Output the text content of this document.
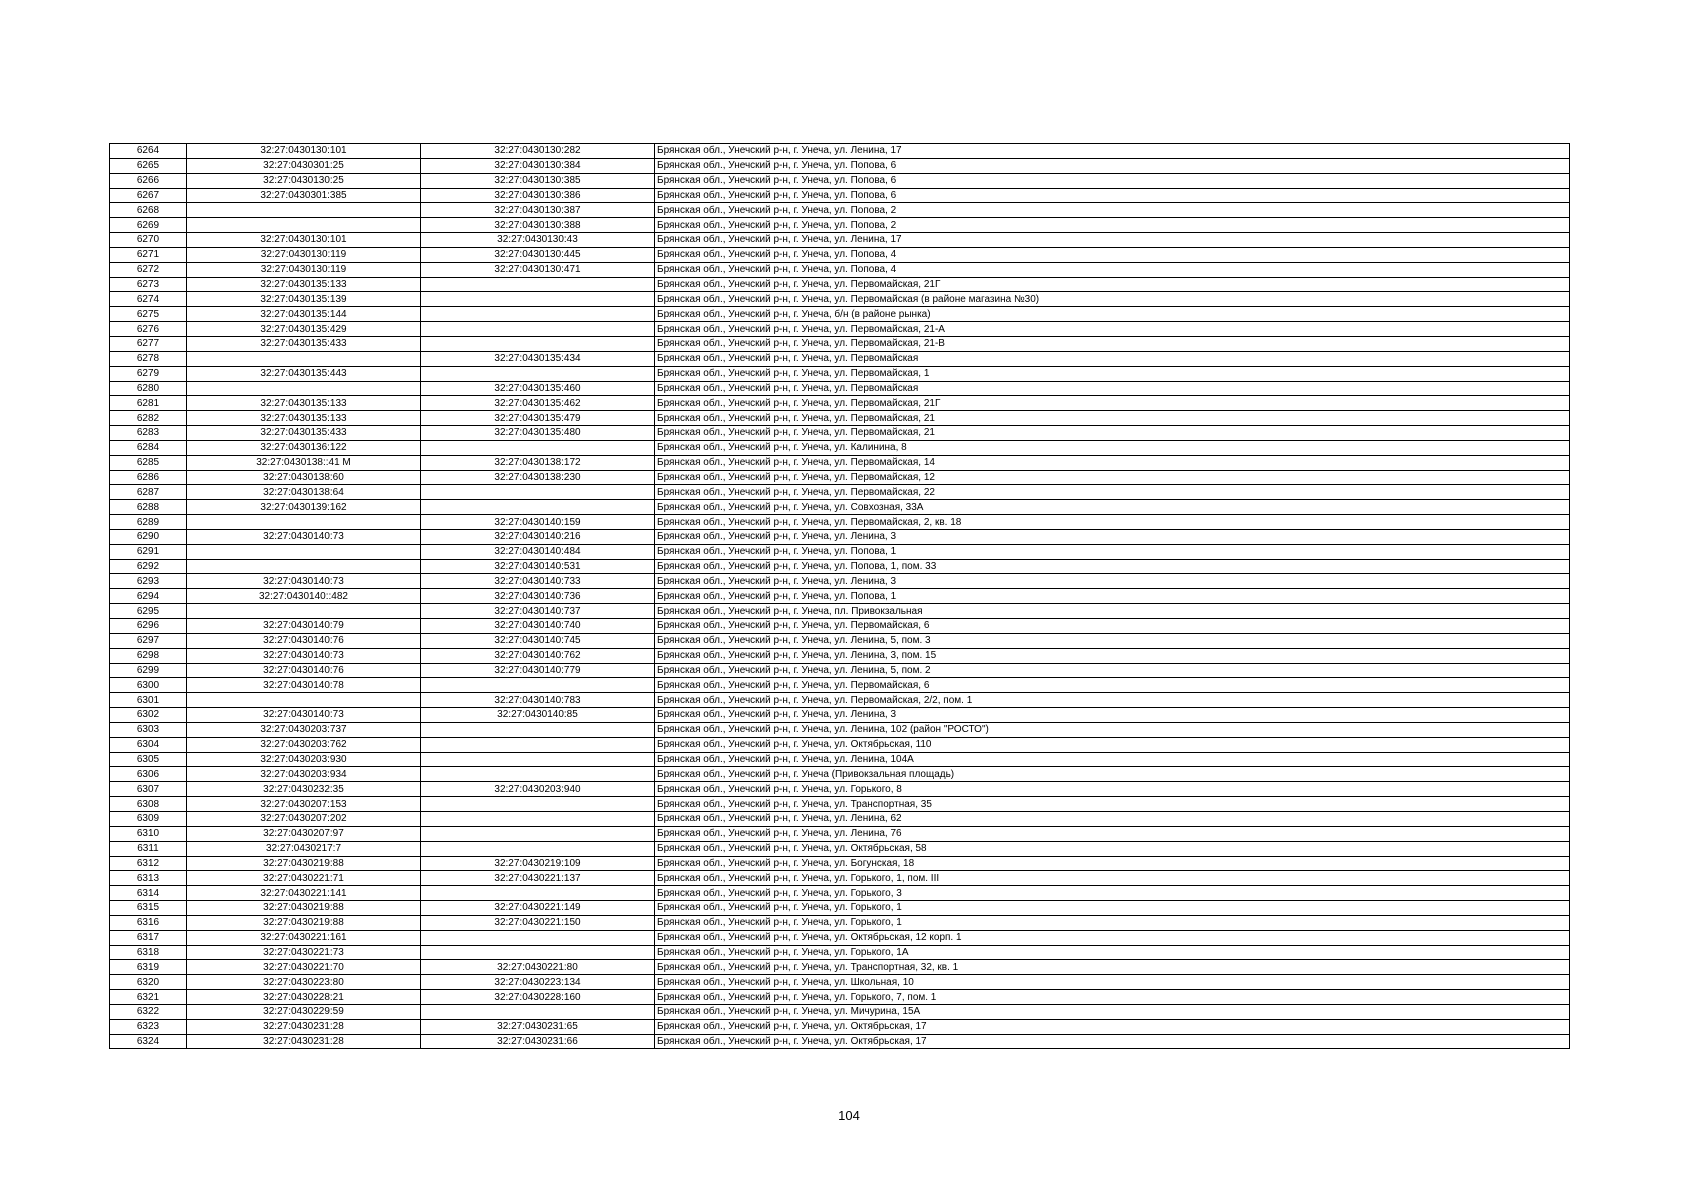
6264	32:27:0430130:101	32:27:0430130:282	Брянская обл., Унечский р-н, г. Унеча, ул. Ленина, 17
6265	32:27:0430301:25	32:27:0430130:384	Брянская обл., Унечский р-н, г. Унеча, ул. Попова, 6
6266	32:27:0430130:25	32:27:0430130:385	Брянская обл., Унечский р-н, г. Унеча, ул. Попова, 6
6267	32:27:0430301:385	32:27:0430130:386	Брянская обл., Унечский р-н, г. Унеча, ул. Попова, 6
6268		32:27:0430130:387	Брянская обл., Унечский р-н, г. Унеча, ул. Попова, 2
6269		32:27:0430130:388	Брянская обл., Унечский р-н, г. Унеча, ул. Попова, 2
6270	32:27:0430130:101	32:27:0430130:43	Брянская обл., Унечский р-н, г. Унеча, ул. Ленина, 17
6271	32:27:0430130:119	32:27:0430130:445	Брянская обл., Унечский р-н, г. Унеча, ул. Попова, 4
6272	32:27:0430130:119	32:27:0430130:471	Брянская обл., Унечский р-н, г. Унеча, ул. Попова, 4
6273	32:27:0430135:133		Брянская обл., Унечский р-н, г. Унеча, ул. Первомайская, 21Г
6274	32:27:0430135:139		Брянская обл., Унечский р-н, г. Унеча, ул. Первомайская (в районе магазина №30)
6275	32:27:0430135:144		Брянская обл., Унечский р-н, г. Унеча, б/н (в районе рынка)
6276	32:27:0430135:429		Брянская обл., Унечский р-н, г. Унеча, ул. Первомайская, 21-А
6277	32:27:0430135:433		Брянская обл., Унечский р-н, г. Унеча, ул. Первомайская, 21-В
6278		32:27:0430135:434	Брянская обл., Унечский р-н, г. Унеча, ул. Первомайская
6279	32:27:0430135:443		Брянская обл., Унечский р-н, г. Унеча, ул. Первомайская, 1
6280		32:27:0430135:460	Брянская обл., Унечский р-н, г. Унеча, ул. Первомайская
6281	32:27:0430135:133	32:27:0430135:462	Брянская обл., Унечский р-н, г. Унеча, ул. Первомайская, 21Г
6282	32:27:0430135:133	32:27:0430135:479	Брянская обл., Унечский р-н, г. Унеча, ул. Первомайская, 21
6283	32:27:0430135:433	32:27:0430135:480	Брянская обл., Унечский р-н, г. Унеча, ул. Первомайская, 21
6284	32:27:0430136:122		Брянская обл., Унечский р-н, г. Унеча, ул. Калинина, 8
6285	32:27:0430138::41 М	32:27:0430138:172	Брянская обл., Унечский р-н, г. Унеча, ул. Первомайская, 14
6286	32:27:0430138:60	32:27:0430138:230	Брянская обл., Унечский р-н, г. Унеча, ул. Первомайская, 12
6287	32:27:0430138:64		Брянская обл., Унечский р-н, г. Унеча, ул. Первомайская, 22
6288	32:27:0430139:162		Брянская обл., Унечский р-н, г. Унеча, ул. Совхозная, 33А
6289		32:27:0430140:159	Брянская обл., Унечский р-н, г. Унеча, ул. Первомайская, 2, кв. 18
6290	32:27:0430140:73	32:27:0430140:216	Брянская обл., Унечский р-н, г. Унеча, ул. Ленина, 3
6291		32:27:0430140:484	Брянская обл., Унечский р-н, г. Унеча, ул. Попова, 1
6292		32:27:0430140:531	Брянская обл., Унечский р-н, г. Унеча, ул. Попова, 1, пом. 33
6293	32:27:0430140:73	32:27:0430140:733	Брянская обл., Унечский р-н, г. Унеча, ул. Ленина, 3
6294	32:27:0430140::482	32:27:0430140:736	Брянская обл., Унечский р-н, г. Унеча, ул. Попова, 1
6295		32:27:0430140:737	Брянская обл., Унечский р-н, г. Унеча, пл. Привокзальная
6296	32:27:0430140:79	32:27:0430140:740	Брянская обл., Унечский р-н, г. Унеча, ул. Первомайская, 6
6297	32:27:0430140:76	32:27:0430140:745	Брянская обл., Унечский р-н, г. Унеча, ул. Ленина, 5, пом. 3
6298	32:27:0430140:73	32:27:0430140:762	Брянская обл., Унечский р-н, г. Унеча, ул. Ленина, 3, пом. 15
6299	32:27:0430140:76	32:27:0430140:779	Брянская обл., Унечский р-н, г. Унеча, ул. Ленина, 5, пом. 2
6300	32:27:0430140:78		Брянская обл., Унечский р-н, г. Унеча, ул. Первомайская, 6
6301		32:27:0430140:783	Брянская обл., Унечский р-н, г. Унеча, ул. Первомайская, 2/2, пом. 1
6302	32:27:0430140:73	32:27:0430140:85	Брянская обл., Унечский р-н, г. Унеча, ул. Ленина, 3
6303	32:27:0430203:737		Брянская обл., Унечский р-н, г. Унеча, ул. Ленина, 102 (район "РОСТО")
6304	32:27:0430203:762		Брянская обл., Унечский р-н, г. Унеча, ул. Октябрьская, 110
6305	32:27:0430203:930		Брянская обл., Унечский р-н, г. Унеча, ул. Ленина, 104А
6306	32:27:0430203:934		Брянская обл., Унечский р-н, г. Унеча (Привокзальная площадь)
6307	32:27:0430232:35	32:27:0430203:940	Брянская обл., Унечский р-н, г. Унеча, ул. Горького, 8
6308	32:27:0430207:153		Брянская обл., Унечский р-н, г. Унеча, ул. Транспортная, 35
6309	32:27:0430207:202		Брянская обл., Унечский р-н, г. Унеча, ул. Ленина, 62
6310	32:27:0430207:97		Брянская обл., Унечский р-н, г. Унеча, ул. Ленина, 76
6311	32:27:0430217:7		Брянская обл., Унечский р-н, г. Унеча, ул. Октябрьская, 58
6312	32:27:0430219:88	32:27:0430219:109	Брянская обл., Унечский р-н, г. Унеча, ул. Богунская, 18
6313	32:27:0430221:71	32:27:0430221:137	Брянская обл., Унечский р-н, г. Унеча, ул. Горького, 1, пом. III
6314	32:27:0430221:141		Брянская обл., Унечский р-н, г. Унеча, ул. Горького, 3
6315	32:27:0430219:88	32:27:0430221:149	Брянская обл., Унечский р-н, г. Унеча, ул. Горького, 1
6316	32:27:0430219:88	32:27:0430221:150	Брянская обл., Унечский р-н, г. Унеча, ул. Горького, 1
6317	32:27:0430221:161		Брянская обл., Унечский р-н, г. Унеча, ул. Октябрьская, 12 корп. 1
6318	32:27:0430221:73		Брянская обл., Унечский р-н, г. Унеча, ул. Горького, 1А
6319	32:27:0430221:70	32:27:0430221:80	Брянская обл., Унечский р-н, г. Унеча, ул. Транспортная, 32, кв. 1
6320	32:27:0430223:80	32:27:0430223:134	Брянская обл., Унечский р-н, г. Унеча, ул. Школьная, 10
6321	32:27:0430228:21	32:27:0430228:160	Брянская обл., Унечский р-н, г. Унеча, ул. Горького, 7, пом. 1
6322	32:27:0430229:59		Брянская обл., Унечский р-н, г. Унеча, ул. Мичурина, 15А
6323	32:27:0430231:28	32:27:0430231:65	Брянская обл., Унечский р-н, г. Унеча, ул. Октябрьская, 17
6324	32:27:0430231:28	32:27:0430231:66	Брянская обл., Унечский р-н, г. Унеча, ул. Октябрьская, 17
104
